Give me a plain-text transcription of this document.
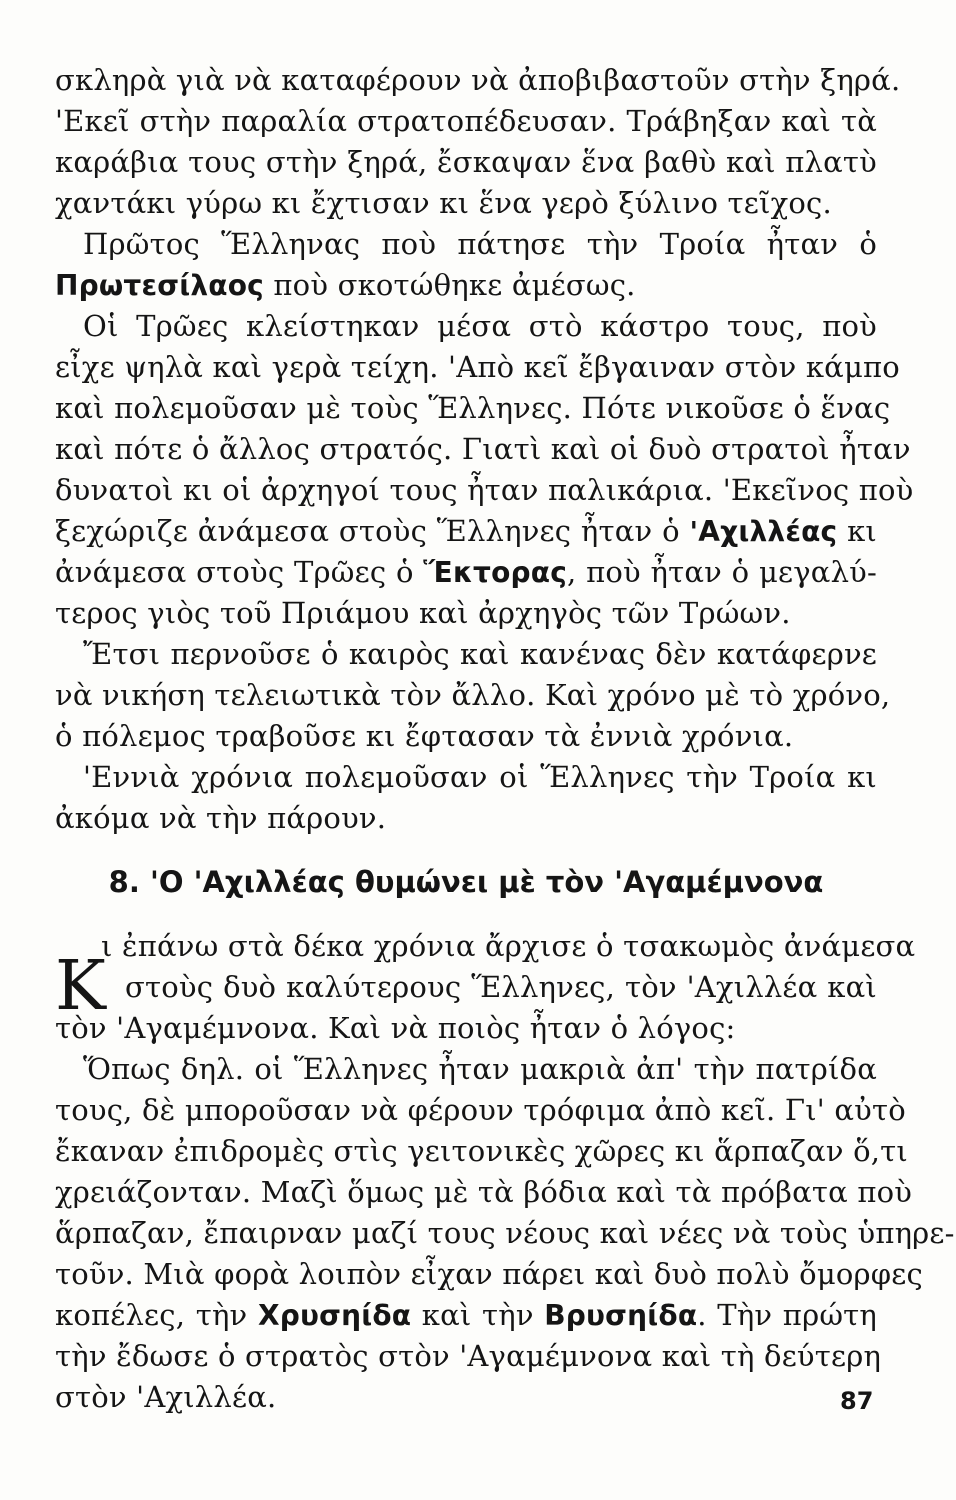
σκληρὰ γιὰ νὰ καταφέρουν νὰ ἀποβιβαστοῦν στὴν ξηρά.
'Εκεῖ στὴν παραλία στρατοπέδευσαν. Τράβηξαν καὶ τὰ
καράβια τους στὴν ξηρά, ἔσκαψαν ἕνα βαθὺ καὶ πλατὺ
χαντάκι γύρω κι ἔχτισαν κι ἕνα γερὸ ξύλινο τεῖχος.
Πρῶτος Ἕλληνας ποὺ πάτησε τὴν Τροία ἦταν ὁ
Πρωτεσίλαος ποὺ σκοτώθηκε ἀμέσως.
Οἱ Τρῶες κλείστηκαν μέσα στὸ κάστρο τους, ποὺ
εἶχε ψηλὰ καὶ γερὰ τείχη. 'Απὸ κεῖ ἔβγαιναν στὸν κάμπο
καὶ πολεμοῦσαν μὲ τοὺς Ἕλληνες. Πότε νικοῦσε ὁ ἕνας
καὶ πότε ὁ ἄλλος στρατός. Γιατὶ καὶ οἱ δυὸ στρατοὶ ἦταν
δυνατοὶ κι οἱ ἀρχηγοί τους ἦταν παλικάρια. 'Εκεῖνος ποὺ
ξεχώριζε ἀνάμεσα στοὺς Ἕλληνες ἦταν ὁ 'Αχιλλέας κι
ἀνάμεσα στοὺς Τρῶες ὁ Ἕκτορας, ποὺ ἦταν ὁ μεγαλύ-
τερος γιὸς τοῦ Πριάμου καὶ ἀρχηγὸς τῶν Τρώων.
Ἔτσι περνοῦσε ὁ καιρὸς καὶ κανένας δὲν κατάφερνε
νὰ νικήση τελειωτικὰ τὸν ἄλλο. Καὶ χρόνο μὲ τὸ χρόνο,
ὁ πόλεμος τραβοῦσε κι ἔφτασαν τὰ ἐννιὰ χρόνια.
'Εννιὰ χρόνια πολεμοῦσαν οἱ Ἕλληνες τὴν Τροία κι
ἀκόμα νὰ τὴν πάρουν.
8. 'Ο 'Αχιλλέας θυμώνει μὲ τὸν 'Αγαμέμνονα
Κ
ι ἐπάνω στὰ δέκα χρόνια ἄρχισε ὁ τσακωμὸς ἀνάμεσα
στοὺς δυὸ καλύτερους Ἕλληνες, τὸν 'Αχιλλέα καὶ
τὸν 'Αγαμέμνονα. Καὶ νὰ ποιὸς ἦταν ὁ λόγος:
Ὅπως δηλ. οἱ Ἕλληνες ἦταν μακριὰ ἀπ' τὴν πατρίδα
τους, δὲ μποροῦσαν νὰ φέρουν τρόφιμα ἀπὸ κεῖ. Γι' αὐτὸ
ἔκαναν ἐπιδρομὲς στὶς γειτονικὲς χῶρες κι ἅρπαζαν ὅ,τι
χρειάζονταν. Μαζὶ ὅμως μὲ τὰ βόδια καὶ τὰ πρόβατα ποὺ
ἅρπαζαν, ἔπαιρναν μαζί τους νέους καὶ νέες νὰ τοὺς ὑπηρε-
τοῦν. Μιὰ φορὰ λοιπὸν εἶχαν πάρει καὶ δυὸ πολὺ ὄμορφες
κοπέλες, τὴν Χρυσηίδα καὶ τὴν Βρυσηίδα. Τὴν πρώτη
τὴν ἔδωσε ὁ στρατὸς στὸν 'Αγαμέμνονα καὶ τὴ δεύτερη
στὸν 'Αχιλλέα.	87
